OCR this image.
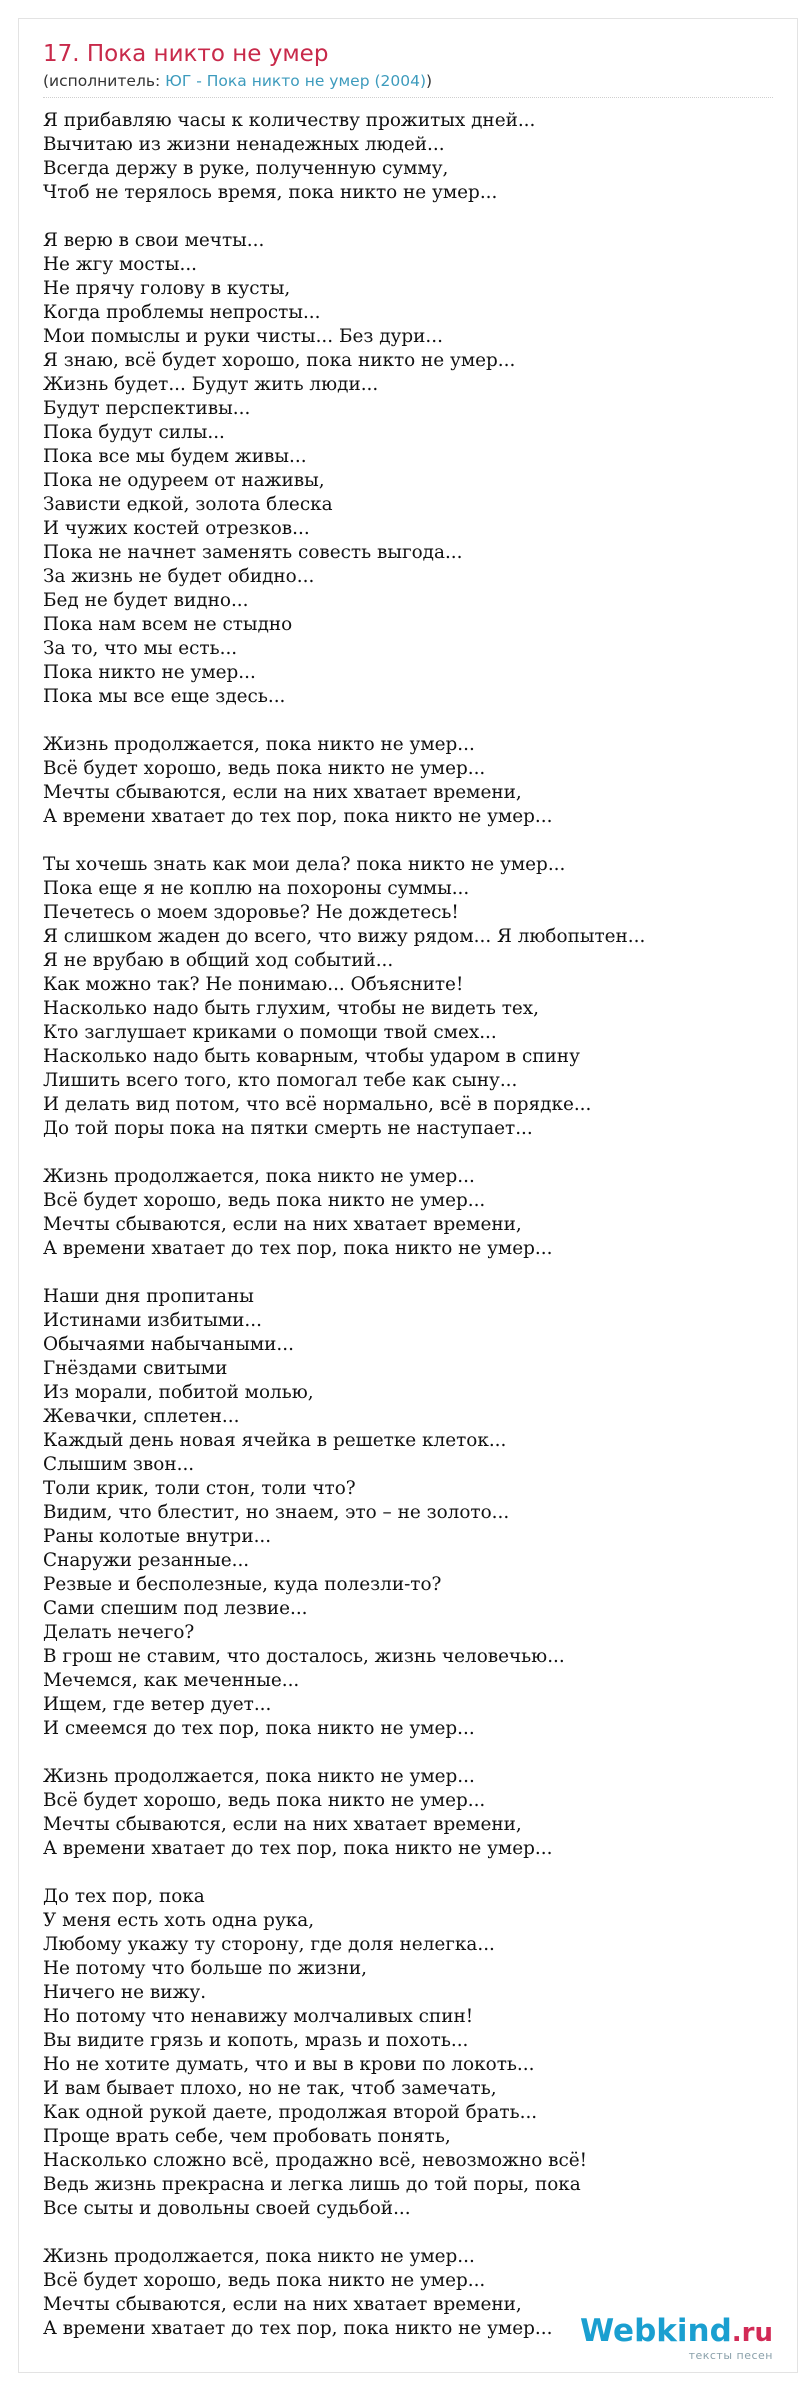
17. Пока никто не умер
(исполнитель: ЮГ - Пока никто не умер (2004))
Я прибавляю часы к количеству прожитых дней...
Вычитаю из жизни ненадежных людей...
Всегда держу в руке, полученную сумму,
Чтоб не терялось время, пока никто не умер...
Я верю в свои мечты...
Не жгу мосты...
Не прячу голову в кусты,
Когда проблемы непросты...
Мои помыслы и руки чисты... Без дури...
Я знаю, всё будет хорошо, пока никто не умер...
Жизнь будет... Будут жить люди...
Будут перспективы...
Пока будут силы...
Пока все мы будем живы...
Пока не одуреем от наживы,
Зависти едкой, золота блеска
И чужих костей отрезков...
Пока не начнет заменять совесть выгода...
За жизнь не будет обидно...
Бед не будет видно...
Пока нам всем не стыдно
За то, что мы есть...
Пока никто не умер...
Пока мы все еще здесь...
Жизнь продолжается, пока никто не умер...
Всё будет хорошо, ведь пока никто не умер...
Мечты сбываются, если на них хватает времени,
А времени хватает до тех пор, пока никто не умер...
Ты хочешь знать как мои дела? пока никто не умер...
Пока еще я не коплю на похороны суммы...
Печетесь о моем здоровье? Не дождетесь!
Я слишком жаден до всего, что вижу рядом... Я любопытен...
Я не врубаю в общий ход событий...
Как можно так? Не понимаю... Объясните!
Насколько надо быть глухим, чтобы не видеть тех,
Кто заглушает криками о помощи твой смех...
Насколько надо быть коварным, чтобы ударом в спину
Лишить всего того, кто помогал тебе как сыну...
И делать вид потом, что всё нормально, всё в порядке...
До той поры пока на пятки смерть не наступает...
Жизнь продолжается, пока никто не умер...
Всё будет хорошо, ведь пока никто не умер...
Мечты сбываются, если на них хватает времени,
А времени хватает до тех пор, пока никто не умер...
Наши дня пропитаны
Истинами избитыми...
Обычаями набычаными...
Гнёздами свитыми
Из морали, побитой молью,
Жевачки, сплетен...
Каждый день новая ячейка в решетке клеток...
Слышим звон...
Толи крик, толи стон, толи что?
Видим, что блестит, но знаем, это – не золото...
Раны колотые внутри...
Снаружи резанные...
Резвые и бесполезные, куда полезли-то?
Сами спешим под лезвие...
Делать нечего?
В грош не ставим, что досталось, жизнь человечью...
Мечемся, как меченные...
Ищем, где ветер дует...
И смеемся до тех пор, пока никто не умер...
Жизнь продолжается, пока никто не умер...
Всё будет хорошо, ведь пока никто не умер...
Мечты сбываются, если на них хватает времени,
А времени хватает до тех пор, пока никто не умер...
До тех пор, пока
У меня есть хоть одна рука,
Любому укажу ту сторону, где доля нелегка...
Не потому что больше по жизни,
Ничего не вижу.
Но потому что ненавижу молчаливых спин!
Вы видите грязь и копоть, мразь и похоть...
Но не хотите думать, что и вы в крови по локоть...
И вам бывает плохо, но не так, чтоб замечать,
Как одной рукой даете, продолжая второй брать...
Проще врать себе, чем пробовать понять,
Насколько сложно всё, продажно всё, невозможно всё!
Ведь жизнь прекрасна и легка лишь до той поры, пока
Все сыты и довольны своей судьбой...
Жизнь продолжается, пока никто не умер...
Всё будет хорошо, ведь пока никто не умер...
Мечты сбываются, если на них хватает времени,
А времени хватает до тех пор, пока никто не умер... Webkind.ru
тексты песен
